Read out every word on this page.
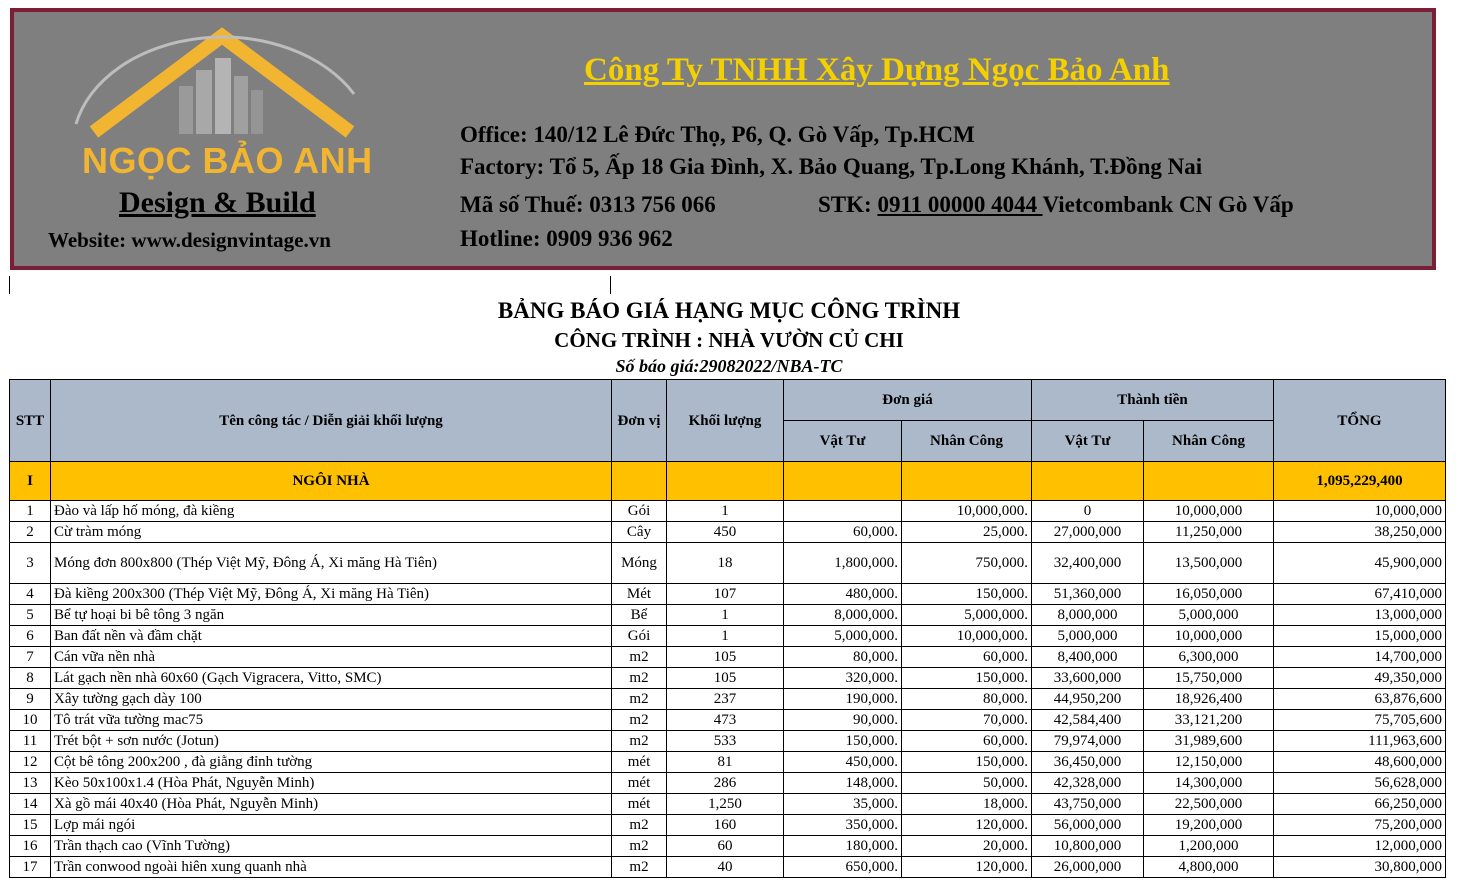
NGỌC BẢO ANH
Design & Build
Website: www.designvintage.vn
Công Ty TNHH Xây Dựng Ngọc Bảo Anh
Office: 140/12 Lê Đức Thọ, P6, Q. Gò Vấp, Tp.HCM
Factory: Tổ 5, Ấp 18 Gia Đình, X. Bảo Quang, Tp.Long Khánh, T.Đồng Nai
Mã số Thuế: 0313 756 066	STK: 0911 00000 4044 Vietcombank CN Gò Vấp
Hotline: 0909 936 962
BẢNG BÁO GIÁ HẠNG MỤC CÔNG TRÌNH
CÔNG TRÌNH : NHÀ VƯỜN CỦ CHI
Số báo giá:29082022/NBA-TC
STT	Tên công tác / Diễn giải khối lượng	Đơn vị	Khối lượng	Đơn giá		Thành tiền		TỔNG
				Vật Tư	Nhân Công	Vật Tư	Nhân Công	
I	NGÔI NHÀ							1,095,229,400
1	Đào và lấp hố móng, đà kiềng	Gói	1		10,000,000.	0	10,000,000	10,000,000
2	Cừ tràm móng	Cây	450	60,000.	25,000.	27,000,000	11,250,000	38,250,000
3	Móng đơn 800x800 (Thép Việt Mỹ, Đông Á, Xi măng Hà Tiên)	Móng	18	1,800,000.	750,000.	32,400,000	13,500,000	45,900,000
4	Đà kiềng 200x300 (Thép Việt Mỹ, Đông Á, Xi măng Hà Tiên)	Mét	107	480,000.	150,000.	51,360,000	16,050,000	67,410,000
5	Bể tự hoại bi bê tông 3 ngăn	Bể	1	8,000,000.	5,000,000.	8,000,000	5,000,000	13,000,000
6	Ban đất nền và đầm chặt	Gói	1	5,000,000.	10,000,000.	5,000,000	10,000,000	15,000,000
7	Cán vữa nền nhà	m2	105	80,000.	60,000.	8,400,000	6,300,000	14,700,000
8	Lát gạch nền nhà 60x60 (Gạch Vigracera, Vitto, SMC)	m2	105	320,000.	150,000.	33,600,000	15,750,000	49,350,000
9	Xây tường gạch dày 100	m2	237	190,000.	80,000.	44,950,200	18,926,400	63,876,600
10	Tô trát vữa tường mac75	m2	473	90,000.	70,000.	42,584,400	33,121,200	75,705,600
11	Trét bột + sơn nước (Jotun)	m2	533	150,000.	60,000.	79,974,000	31,989,600	111,963,600
12	Cột bê tông 200x200 , đà giằng đỉnh tường	mét	81	450,000.	150,000.	36,450,000	12,150,000	48,600,000
13	Kèo 50x100x1.4 (Hòa Phát, Nguyễn Minh)	mét	286	148,000.	50,000.	42,328,000	14,300,000	56,628,000
14	Xà gồ mái 40x40 (Hòa Phát, Nguyễn Minh)	mét	1,250	35,000.	18,000.	43,750,000	22,500,000	66,250,000
15	Lợp mái ngói	m2	160	350,000.	120,000.	56,000,000	19,200,000	75,200,000
16	Trần thạch cao (Vĩnh Tường)	m2	60	180,000.	20,000.	10,800,000	1,200,000	12,000,000
17	Trần conwood ngoài hiên xung quanh nhà	m2	40	650,000.	120,000.	26,000,000	4,800,000	30,800,000
